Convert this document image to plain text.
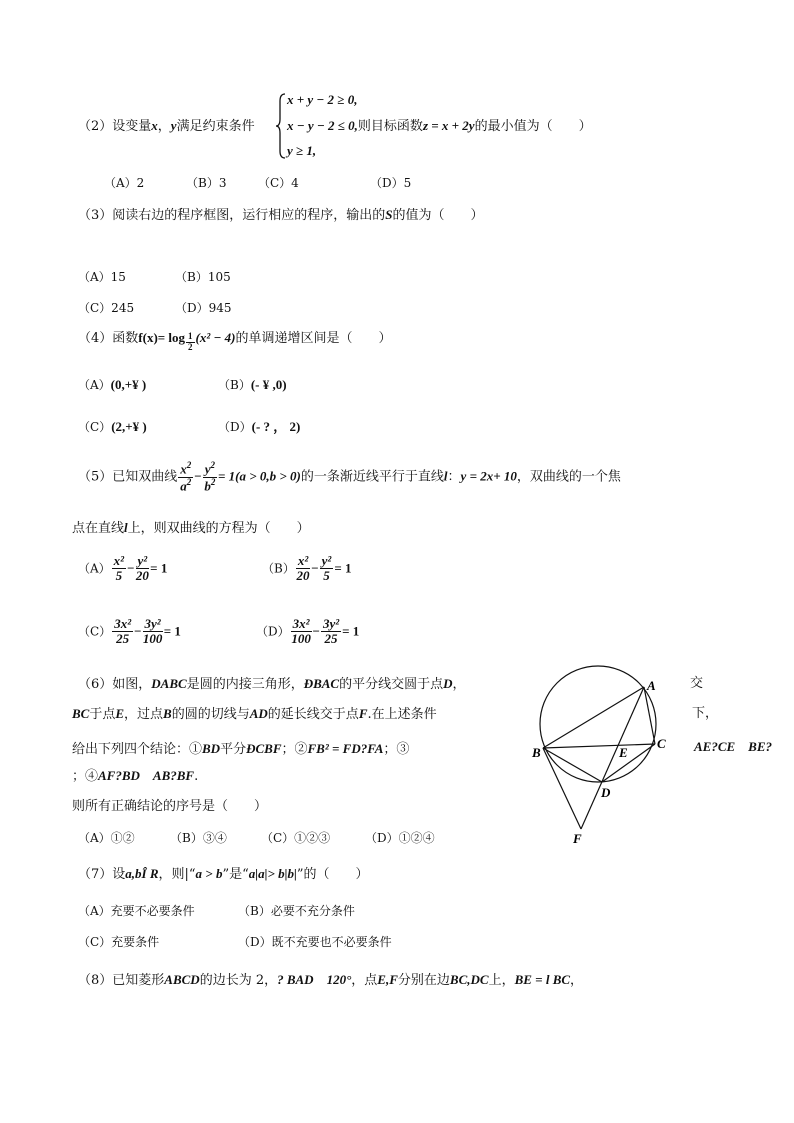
（2）设变量x，y满足约束条件
x + y − 2 ≥ 0,
x − y − 2 ≤ 0,则目标函数z = x + 2y的最小值为（　　）
y ≥ 1,
（A）2	（B）3	（C）4	（D）5
（3）阅读右边的程序框图，运行相应的程序，输出的S的值为（　　）
（A）15	（B）105
（C）245	（D）945
（4）函数$f(x)= \log \frac{1}{2} (x^2 - 4)$的单调递增区间是（　　）
（A）(0,+¥ )	（B）(- ¥ ,0)
（C）(2,+¥ )	（D）(- ? ， 2)
（5）已知双曲线 $\frac{x^2}{a^2} - \frac{y^2}{b^2} = 1(a > 0,b > 0)$的一条渐近线平行于直线l：y = 2x+ 10，双曲线的一个焦
点在直线l上，则双曲线的方程为（　　）
$(A) \frac{\text{x²}}{5} - \frac{\text{y²}}{20} = 1$	$(B) \frac{\text{x²}}{20} - \frac{\text{y²}}{5} = 1$
$(C) \frac{\text{3x²}}{25} - \frac{\text{3y²}}{100} = 1$	$(D) \frac{\text{3x²}}{100} - \frac{\text{3y²}}{25} = 1$
（6）如图，DABC是圆的内接三角形，ÐBAC的平分线交圆于点D，	交
BC于点E，过点B的圆的切线与AD的延长线交于点F.在上述条件	下，
给出下列四个结论：①BD平分ÐCBF；②FB² = FD?FA；③	AE?CE　BE?
；④AF?BD　AB?BF.
则所有正确结论的序号是（　　）
（A）①②	（B）③④	（C）①②③	（D）①②④
A
B
C
D
E
F
（7）设a,bÎ R，则|“a > b”是“a|a|> b|b|”的（　　）
（A）充要不必要条件	（B）必要不充分条件
（C）充要条件	（D）既不充要也不必要条件
（8）已知菱形ABCD的边长为 2，? BAD　120°，点E,F分别在边BC,DC上，BE = l BC，
